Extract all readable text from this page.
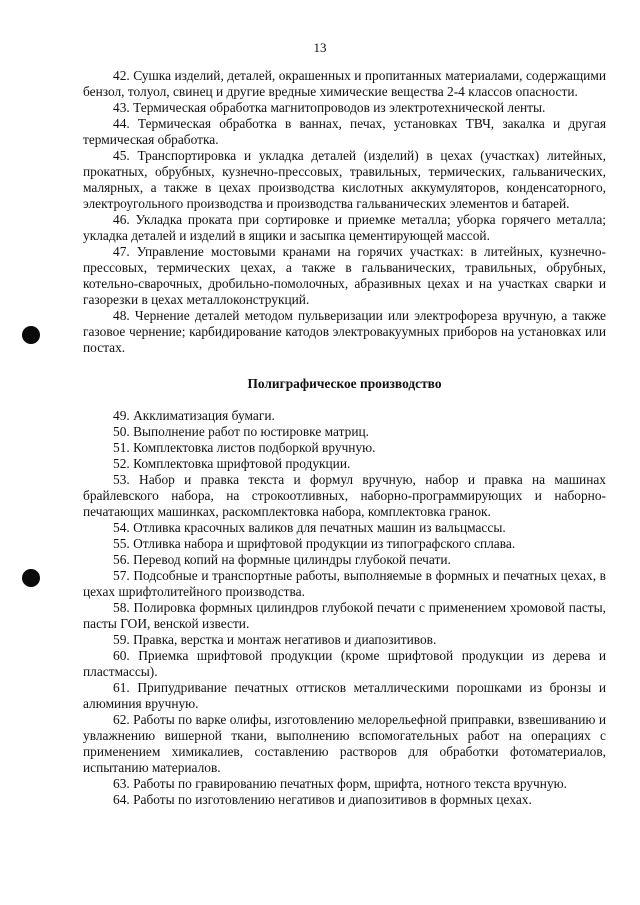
13

42. Сушка изделий, деталей, окрашенных и пропитанных материалами, содержащими бензол, толуол, свинец и другие вредные химические вещества 2-4 классов опасности.

43. Термическая обработка магнитопроводов из электротехнической ленты.

44. Термическая обработка в ваннах, печах, установках ТВЧ, закалка и другая термическая обработка.

45. Транспортировка и укладка деталей (изделий) в цехах (участках) литейных, прокатных, обрубных, кузнечно-прессовых, травильных, термических, гальванических, малярных, а также в цехах производства кислотных аккумуляторов, конденсаторного, электроугольного производства и производства гальванических элементов и батарей.

46. Укладка проката при сортировке и приемке металла; уборка горячего металла; укладка деталей и изделий в ящики и засыпка цементирующей массой.

47. Управление мостовыми кранами на горячих участках: в литейных, кузнечно-прессовых, термических цехах, а также в гальванических, травильных, обрубных, котельно-сварочных, дробильно-помолочных, абразивных цехах и на участках сварки и газорезки в цехах металлоконструкций.

48. Чернение деталей методом пульверизации или электрофореза вручную, а также газовое чернение; карбидирование катодов электровакуумных приборов на установках или постах.

Полиграфическое производство

49. Акклиматизация бумаги.

50. Выполнение работ по юстировке матриц.

51. Комплектовка листов подборкой вручную.

52. Комплектовка шрифтовой продукции.

53. Набор и правка текста и формул вручную, набор и правка на машинах брайлевского набора, на строкоотливных, наборно-программирующих и наборно-печатающих машинках, раскомплектовка набора, комплектовка гранок.

54. Отливка красочных валиков для печатных машин из вальцмассы.

55. Отливка набора и шрифтовой продукции из типографского сплава.

56. Перевод копий на формные цилиндры глубокой печати.

57. Подсобные и транспортные работы, выполняемые в формных и печатных цехах, в цехах шрифтолитейного производства.

58. Полировка формных цилиндров глубокой печати с применением хромовой пасты, пасты ГОИ, венской извести.

59. Правка, верстка и монтаж негативов и диапозитивов.

60. Приемка шрифтовой продукции (кроме шрифтовой продукции из дерева и пластмассы).

61. Припудривание печатных оттисков металлическими порошками из бронзы и алюминия вручную.

62. Работы по варке олифы, изготовлению мелорельефной приправки, взвешиванию и увлажнению вишерной ткани, выполнению вспомогательных работ на операциях с применением химикалиев, составлению растворов для обработки фотоматериалов, испытанию материалов.

63. Работы по гравированию печатных форм, шрифта, нотного текста вручную.

64. Работы по изготовлению негативов и диапозитивов в формных цехах.
